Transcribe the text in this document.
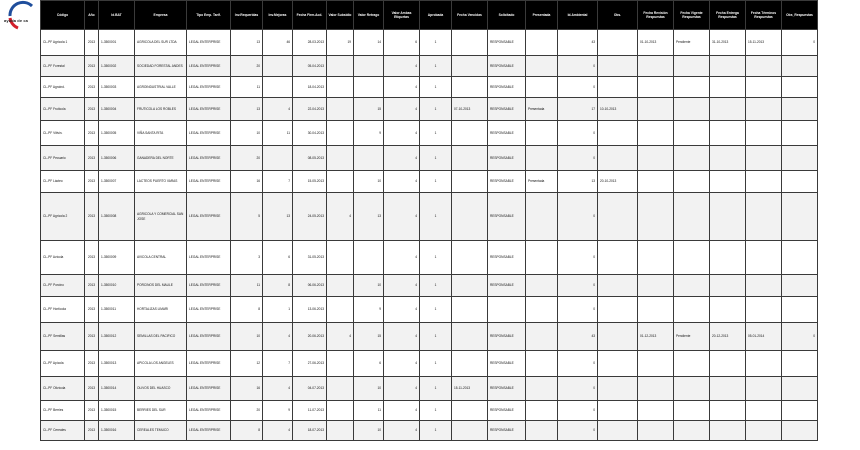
ayúda de ca
Código	Año	Id.BAT	Empresa	Tipo Emp. Tarif.	Inv.Requeridas	Inv.Mejoras	Fecha Firm.Acd.	Valor Subsidio	Valor Retrago	Valor Ambas Etiquetas	Aprobada	Fecha Vencidas	Solicitado	Presentada	Id.Ambiental	Obs.	Fecha Revisión Respuestas	Fecha Vigente Respuestas	Fecha Entrega Respuestas	Fecha Términos Respuestas	Obs_Respuestas
CL-PF Agrícola 1	2013	1-3500001	AGRICOLA DEL SUR LTDA	LEGAL ENTERPRISE	13	46	28-03-2013	19	14	6	1		RESPONSABLE		43		01-10-2013	Pendiente	31-10-2013	15-11-2013	0
CL-PF Forestal	2013	1-3500002	SOCIEDAD FORESTAL ANDES	LEGAL ENTERPRISE	20		05-04-2013			4	1		RESPONSABLE		0						
CL-PF Agroind.	2013	1-3500003	AGROINDUSTRIAL VALLE	LEGAL ENTERPRISE	11		18-04-2013			4	1		RESPONSABLE		0						
CL-PF Frutícola	2013	1-3500004	FRUTICOLA LOS ROBLES	LEGAL ENTERPRISE	13	4	22-04-2013		15	4	1	07-10-2013	RESPONSABLE	Presentada	17	10-10-2013					
CL-PF Vitivin.	2013	1-3500005	VIÑA SANTA RITA	LEGAL ENTERPRISE	10	11	30-04-2013		9	4	1		RESPONSABLE		0						
CL-PF Pecuario	2013	1-3500006	GANADERA DEL NORTE	LEGAL ENTERPRISE	20		08-05-2013			4	1		RESPONSABLE		0						
CL-PF Lácteo	2013	1-3500007	LACTEOS PUERTO VARAS	LEGAL ENTERPRISE	16	7	15-05-2013		10	4	1		RESPONSABLE	Presentada	13	20-10-2013					
CL-PF Agrícola 2	2013	1-3500008	AGRICOLA Y COMERCIAL SAN JOSE	LEGAL ENTERPRISE	5	13	24-05-2013	4	13	4	1		RESPONSABLE		0						
CL-PF Avícola	2013	1-3500009	AVICOLA CENTRAL	LEGAL ENTERPRISE	3	6	31-05-2013			4	1		RESPONSABLE		0						
CL-PF Porcino	2013	1-3500010	PORCINOS DEL MAULE	LEGAL ENTERPRISE	11	8	06-06-2013		10	4	1		RESPONSABLE		0						
CL-PF Hortícola	2013	1-3500011	HORTALIZAS LIMARI	LEGAL ENTERPRISE	8	1	13-06-2013		9	4	1				0						
CL-PF Semillas	2013	1-3500012	SEMILLAS DEL PACIFICO	LEGAL ENTERPRISE	10	4	20-06-2013	4	15	4	1		RESPONSABLE		43		01-12-2013	Pendiente	20-12-2013	05-01-2014	0
CL-PF Apícola	2013	1-3500013	APICOLA LOS ANGELES	LEGAL ENTERPRISE	12	7	27-06-2013		6	4	1		RESPONSABLE		0						
CL-PF Olivícola	2013	1-3500014	OLIVOS DEL HUASCO	LEGAL ENTERPRISE	16	4	04-07-2013		10	4	1	15-11-2013	RESPONSABLE		0						
CL-PF Berries	2013	1-3500015	BERRIES DEL SUR	LEGAL ENTERPRISE	20	9	11-07-2013		11	4	1		RESPONSABLE		0						
CL-PF Cereales	2013	1-3500016	CEREALES TEMUCO	LEGAL ENTERPRISE	8	4	18-07-2013		10	4	1		RESPONSABLE		0						
